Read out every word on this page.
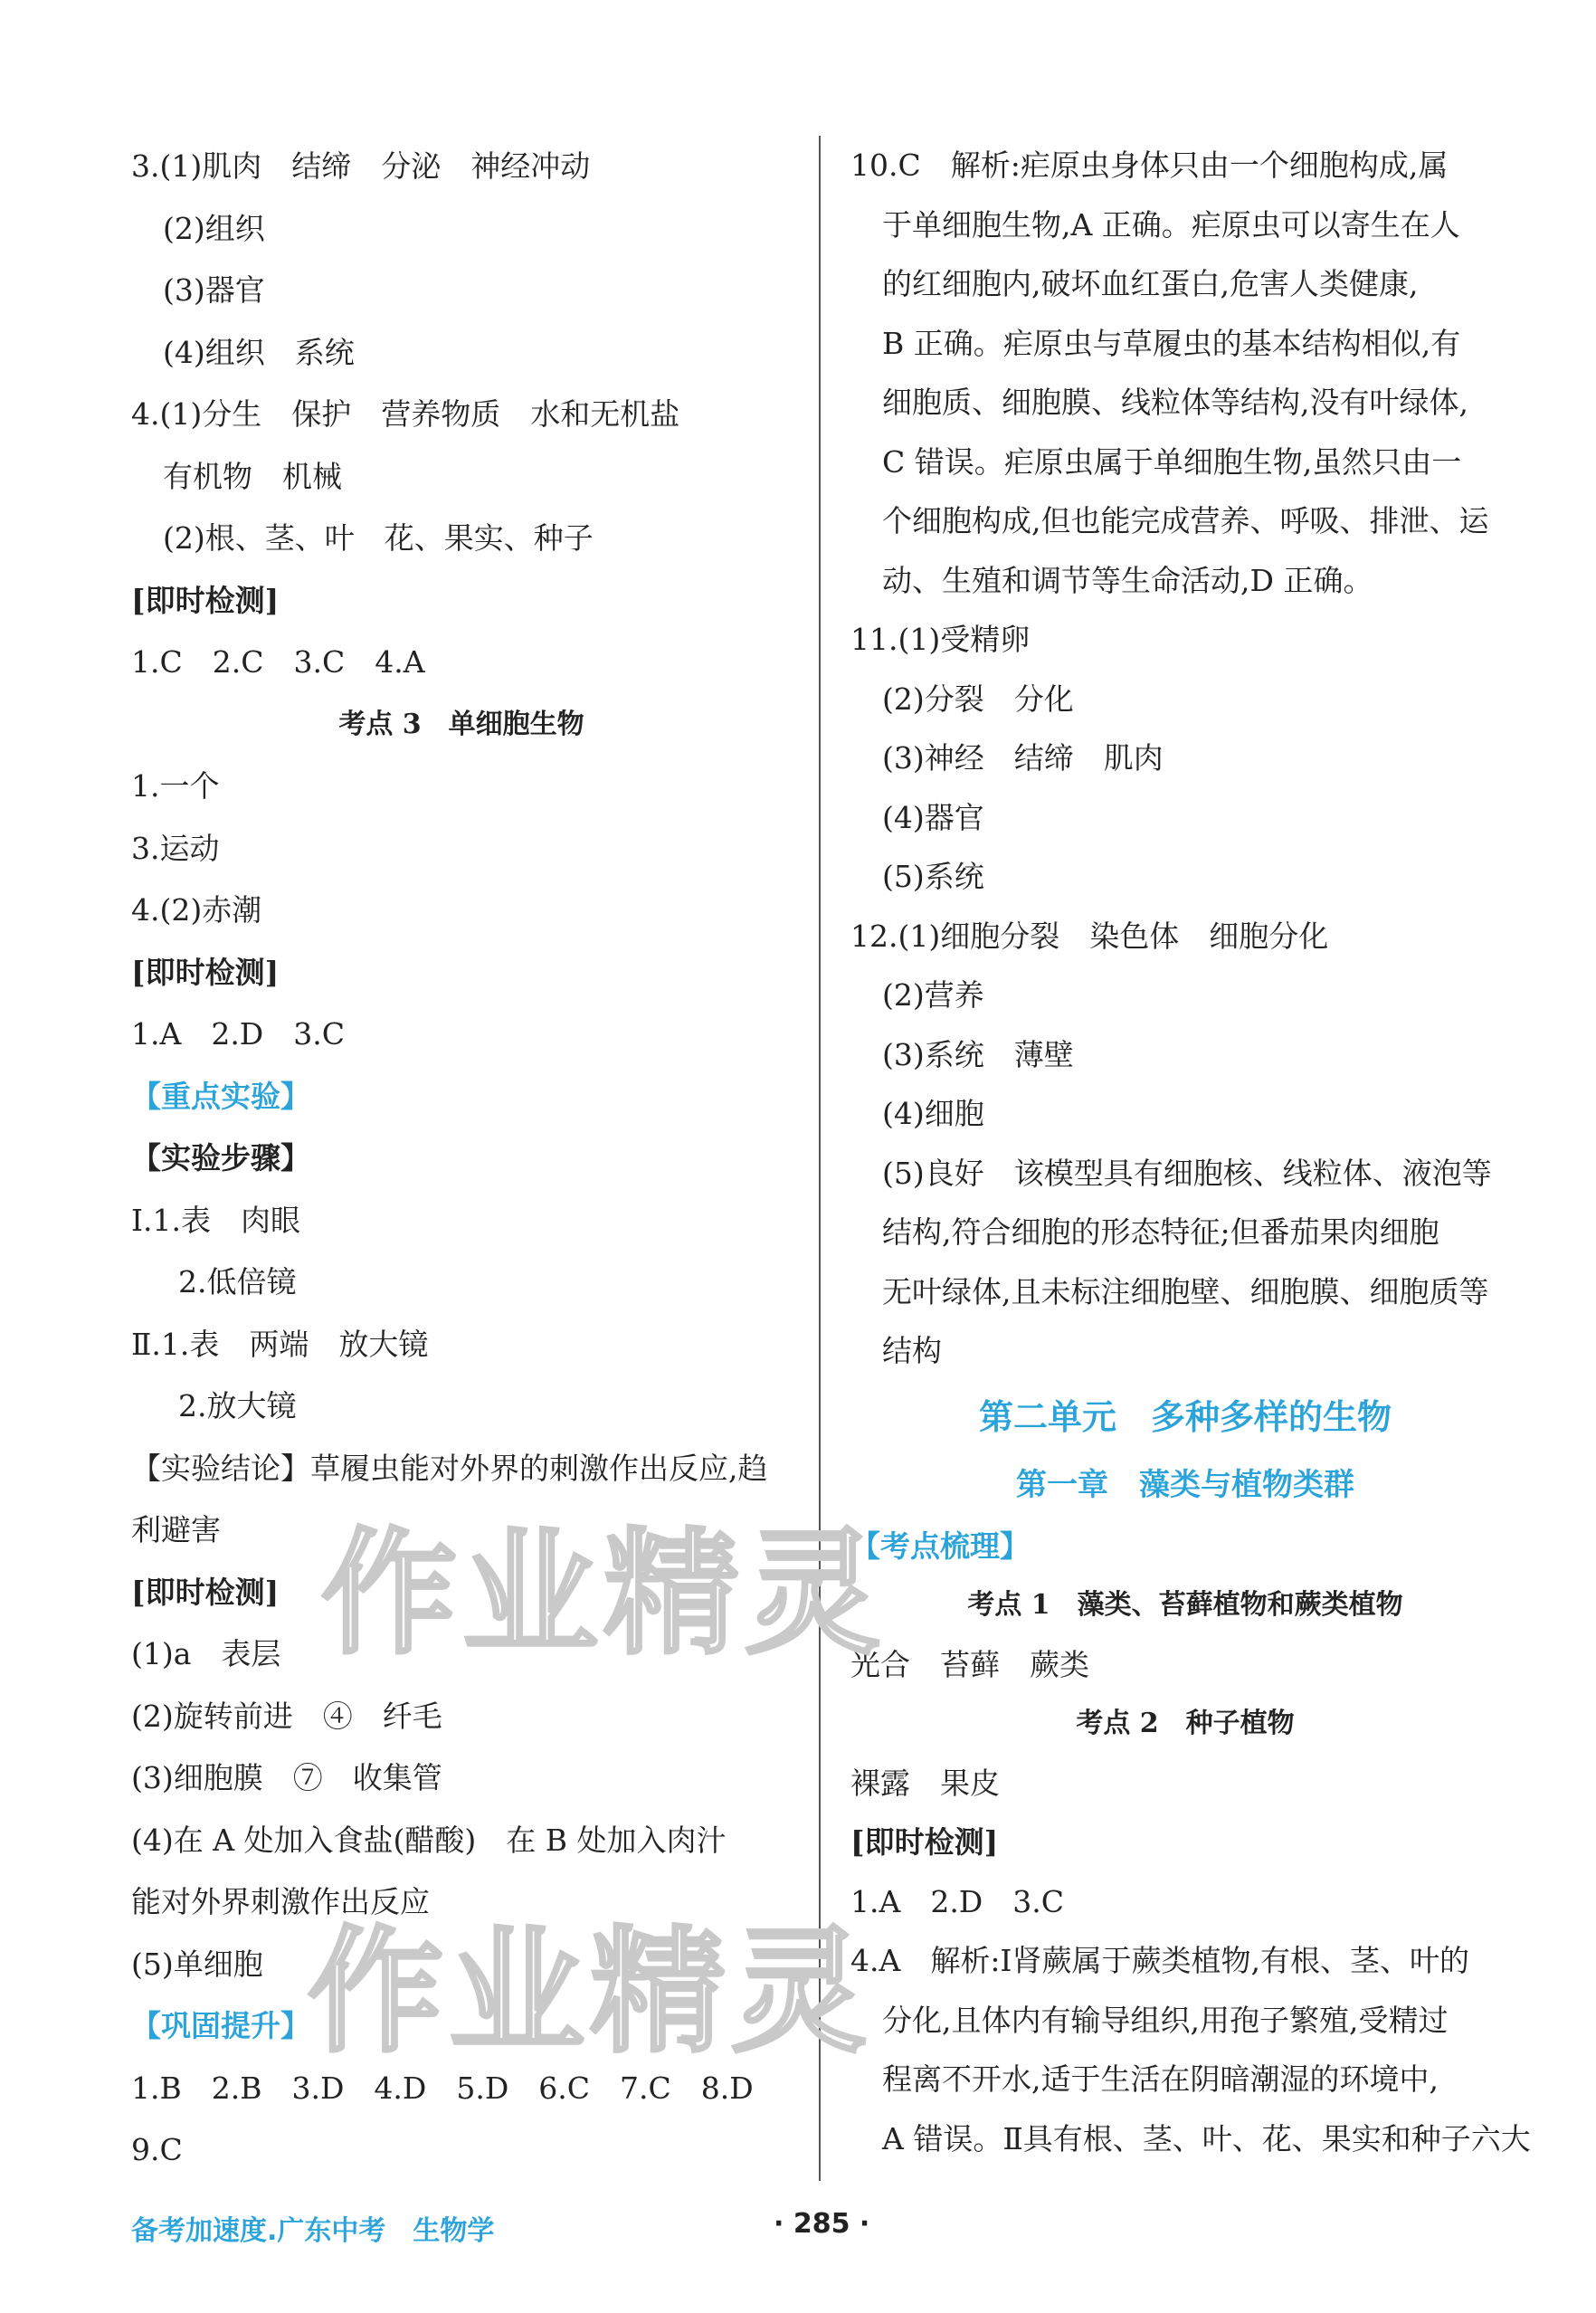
3.(1)肌肉　结缔　分泌　神经冲动
(2)组织
(3)器官
(4)组织　系统
4.(1)分生　保护　营养物质　水和无机盐
有机物　机械
(2)根、茎、叶　花、果实、种子
[即时检测]
1.C　2.C　3.C　4.A
考点 3　单细胞生物
1.一个
3.运动
4.(2)赤潮
[即时检测]
1.A　2.D　3.C
【重点实验】
【实验步骤】
Ⅰ.1.表　肉眼
2.低倍镜
Ⅱ.1.表　两端　放大镜
2.放大镜
【实验结论】草履虫能对外界的刺激作出反应,趋
利避害
[即时检测]
(1)a　表层
(2)旋转前进　④　纤毛
(3)细胞膜　⑦　收集管
(4)在 A 处加入食盐(醋酸)　在 B 处加入肉汁
能对外界刺激作出反应
(5)单细胞
【巩固提升】
1.B　2.B　3.D　4.D　5.D　6.C　7.C　8.D
9.C
10.C　解析:疟原虫身体只由一个细胞构成,属
于单细胞生物,A 正确。疟原虫可以寄生在人
的红细胞内,破坏血红蛋白,危害人类健康,
B 正确。疟原虫与草履虫的基本结构相似,有
细胞质、细胞膜、线粒体等结构,没有叶绿体,
C 错误。疟原虫属于单细胞生物,虽然只由一
个细胞构成,但也能完成营养、呼吸、排泄、运
动、生殖和调节等生命活动,D 正确。
11.(1)受精卵
(2)分裂　分化
(3)神经　结缔　肌肉
(4)器官
(5)系统
12.(1)细胞分裂　染色体　细胞分化
(2)营养
(3)系统　薄壁
(4)细胞
(5)良好　该模型具有细胞核、线粒体、液泡等
结构,符合细胞的形态特征;但番茄果肉细胞
无叶绿体,且未标注细胞壁、细胞膜、细胞质等
结构
第二单元　多种多样的生物
第一章　藻类与植物类群
【考点梳理】
考点 1　藻类、苔藓植物和蕨类植物
光合　苔藓　蕨类
考点 2　种子植物
裸露　果皮
[即时检测]
1.A　2.D　3.C
4.A　解析:Ⅰ肾蕨属于蕨类植物,有根、茎、叶的
分化,且体内有输导组织,用孢子繁殖,受精过
程离不开水,适于生活在阴暗潮湿的环境中,
A 错误。Ⅱ具有根、茎、叶、花、果实和种子六大
作业精灵
作业精灵
备考加速度.广东中考　生物学	· 285 ·
